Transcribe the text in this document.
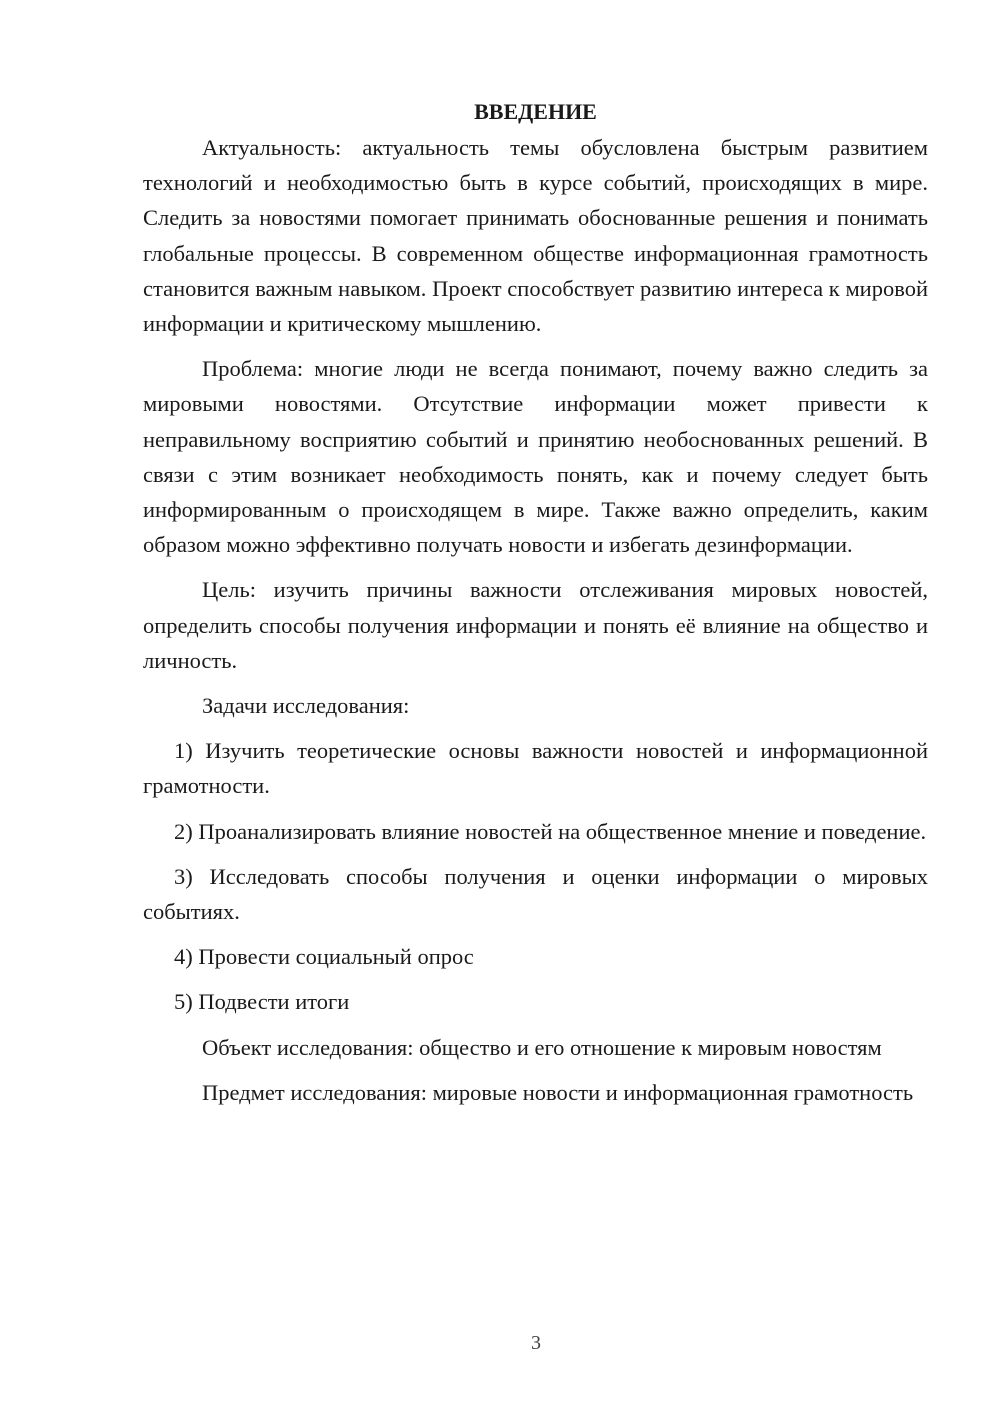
ВВЕДЕНИЕ

Актуальность: актуальность темы обусловлена быстрым развитием технологий и необходимостью быть в курсе событий, происходящих в мире. Следить за новостями помогает принимать обоснованные решения и понимать глобальные процессы. В современном обществе информационная грамотность становится важным навыком. Проект способствует развитию интереса к мировой информации и критическому мышлению.

Проблема: многие люди не всегда понимают, почему важно следить за мировыми новостями. Отсутствие информации может привести к неправильному восприятию событий и принятию необоснованных решений. В связи с этим возникает необходимость понять, как и почему следует быть информированным о происходящем в мире. Также важно определить, каким образом можно эффективно получать новости и избегать дезинформации.

Цель: изучить причины важности отслеживания мировых новостей, определить способы получения информации и понять её влияние на общество и личность.

Задачи исследования:

1) Изучить теоретические основы важности новостей и информационной грамотности.

2) Проанализировать влияние новостей на общественное мнение и поведение.

3) Исследовать способы получения и оценки информации о мировых событиях.

4) Провести социальный опрос

5) Подвести итоги

Объект исследования: общество и его отношение к мировым новостям

Предмет исследования: мировые новости и информационная грамотность

3
